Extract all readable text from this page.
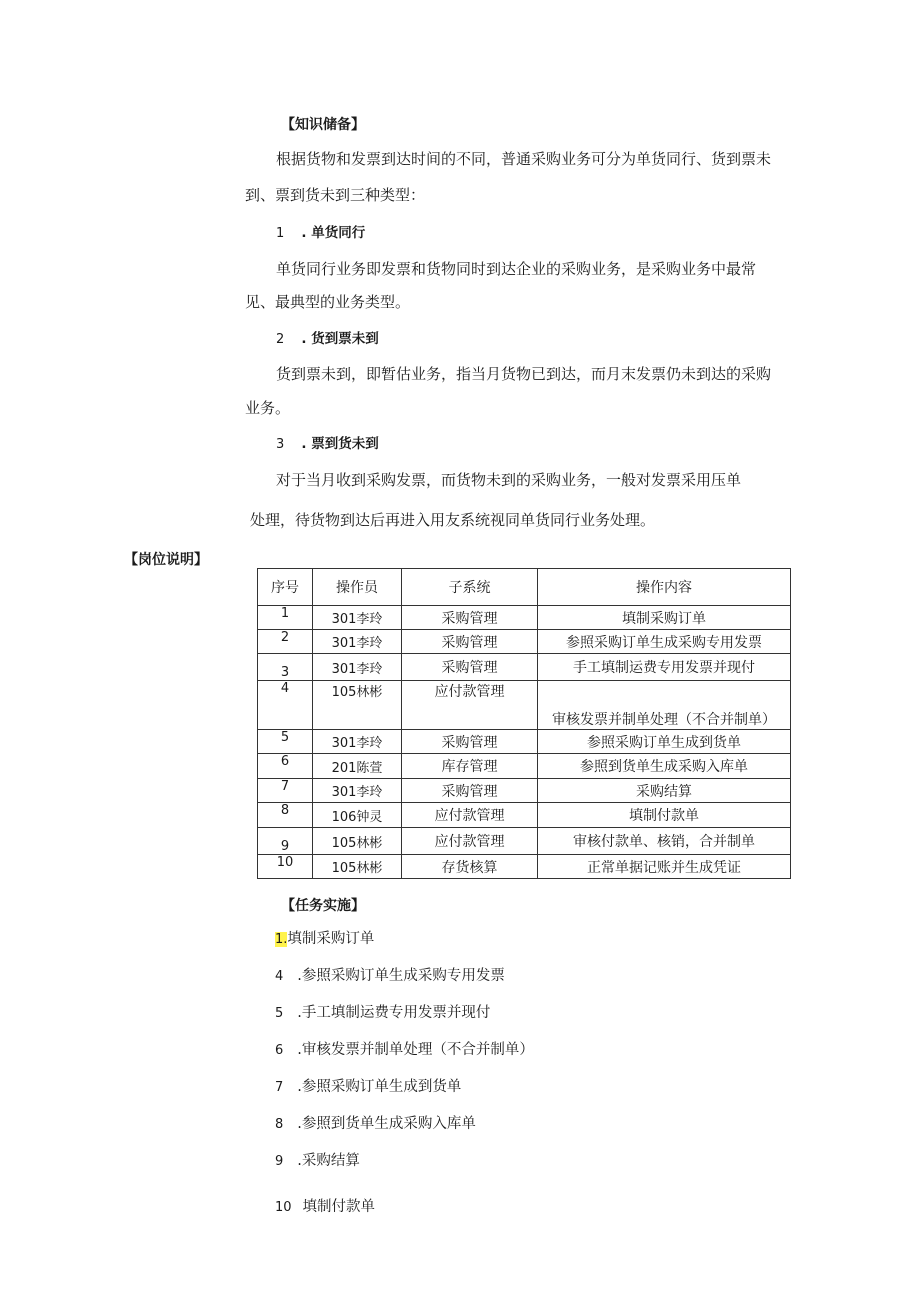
【知识储备】
根据货物和发票到达时间的不同，普通采购业务可分为单货同行、货到票未
到、票到货未到三种类型：
1 . 单货同行
单货同行业务即发票和货物同时到达企业的采购业务，是采购业务中最常
见、最典型的业务类型。
2 . 货到票未到
货到票未到，即暂估业务，指当月货物已到达，而月末发票仍未到达的采购
业务。
3 . 票到货未到
对于当月收到采购发票，而货物未到的采购业务，一般对发票采用压单
处理，待货物到达后再进入用友系统视同单货同行业务处理。
【岗位说明】
序号	操作员	子系统	操作内容
1	301李玲	采购管理	填制采购订单
2	301李玲	采购管理	参照采购订单生成采购专用发票
3	301李玲	采购管理	手工填制运费专用发票并现付
4	105林彬	应付款管理	审核发票并制单处理（不合并制单）
5	301李玲	采购管理	参照采购订单生成到货单
6	201陈萱	库存管理	参照到货单生成采购入库单
7	301李玲	采购管理	采购结算
8	106钟灵	应付款管理	填制付款单
9	105林彬	应付款管理	审核付款单、核销，合并制单
10	105林彬	存货核算	正常单据记账并生成凭证
【任务实施】
1.填制采购订单
4 .参照采购订单生成采购专用发票
5 .手工填制运费专用发票并现付
6 .审核发票并制单处理（不合并制单）
7 .参照采购订单生成到货单
8 .参照到货单生成采购入库单
9 .采购结算
10 填制付款单
